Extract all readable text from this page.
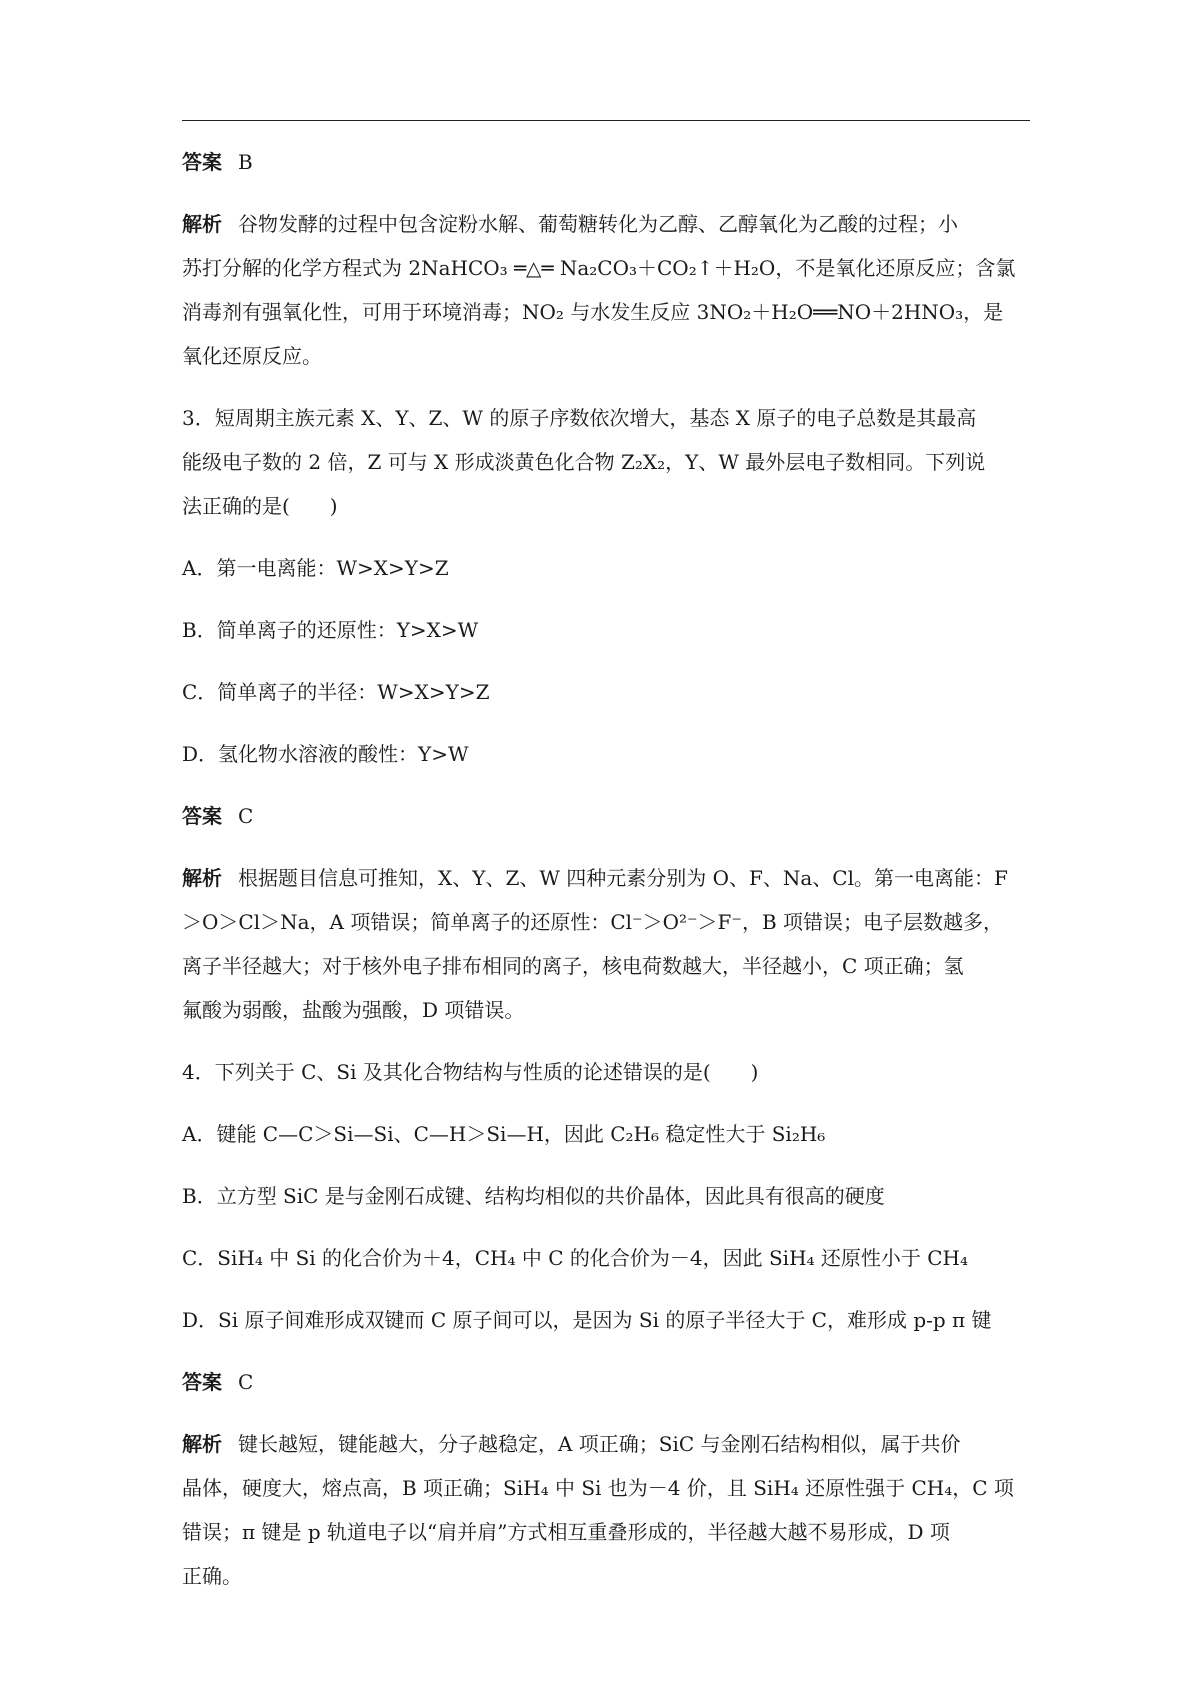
答案 B
解析 谷物发酵的过程中包含淀粉水解、葡萄糖转化为乙醇、乙醇氧化为乙酸的过程；小
苏打分解的化学方程式为 2NaHCO₃ ═△═ Na₂CO₃＋CO₂↑＋H₂O，不是氧化还原反应；含氯
消毒剂有强氧化性，可用于环境消毒；NO₂ 与水发生反应 3NO₂＋H₂O══NO＋2HNO₃，是
氧化还原反应。
3．短周期主族元素 X、Y、Z、W 的原子序数依次增大，基态 X 原子的电子总数是其最高
能级电子数的 2 倍，Z 可与 X 形成淡黄色化合物 Z₂X₂，Y、W 最外层电子数相同。下列说
法正确的是(　　)
A．第一电离能：W>X>Y>Z
B．简单离子的还原性：Y>X>W
C．简单离子的半径：W>X>Y>Z
D．氢化物水溶液的酸性：Y>W
答案 C
解析 根据题目信息可推知，X、Y、Z、W 四种元素分别为 O、F、Na、Cl。第一电离能：F
＞O＞Cl＞Na，A 项错误；简单离子的还原性：Cl⁻＞O²⁻＞F⁻，B 项错误；电子层数越多，
离子半径越大；对于核外电子排布相同的离子，核电荷数越大，半径越小，C 项正确；氢
氟酸为弱酸，盐酸为强酸，D 项错误。
4．下列关于 C、Si 及其化合物结构与性质的论述错误的是(　　)
A．键能 C—C＞Si—Si、C—H＞Si—H，因此 C₂H₆ 稳定性大于 Si₂H₆
B．立方型 SiC 是与金刚石成键、结构均相似的共价晶体，因此具有很高的硬度
C．SiH₄ 中 Si 的化合价为＋4，CH₄ 中 C 的化合价为－4，因此 SiH₄ 还原性小于 CH₄
D．Si 原子间难形成双键而 C 原子间可以，是因为 Si 的原子半径大于 C，难形成 p-p π 键
答案 C
解析 键长越短，键能越大，分子越稳定，A 项正确；SiC 与金刚石结构相似，属于共价
晶体，硬度大，熔点高，B 项正确；SiH₄ 中 Si 也为－4 价，且 SiH₄ 还原性强于 CH₄，C 项
错误；π 键是 p 轨道电子以“肩并肩”方式相互重叠形成的，半径越大越不易形成，D 项
正确。
